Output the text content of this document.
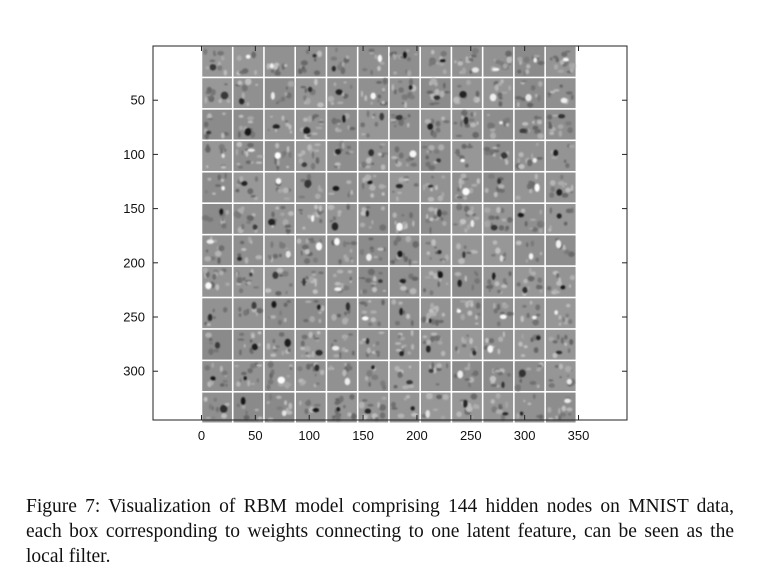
0	50	100 150 200 250 300 350
50
100
150
200
250
300
Figure 7: Visualization of RBM model comprising 144 hidden nodes on MNIST data, each box corresponding to weights connecting to one latent feature, can be seen as the local filter.
